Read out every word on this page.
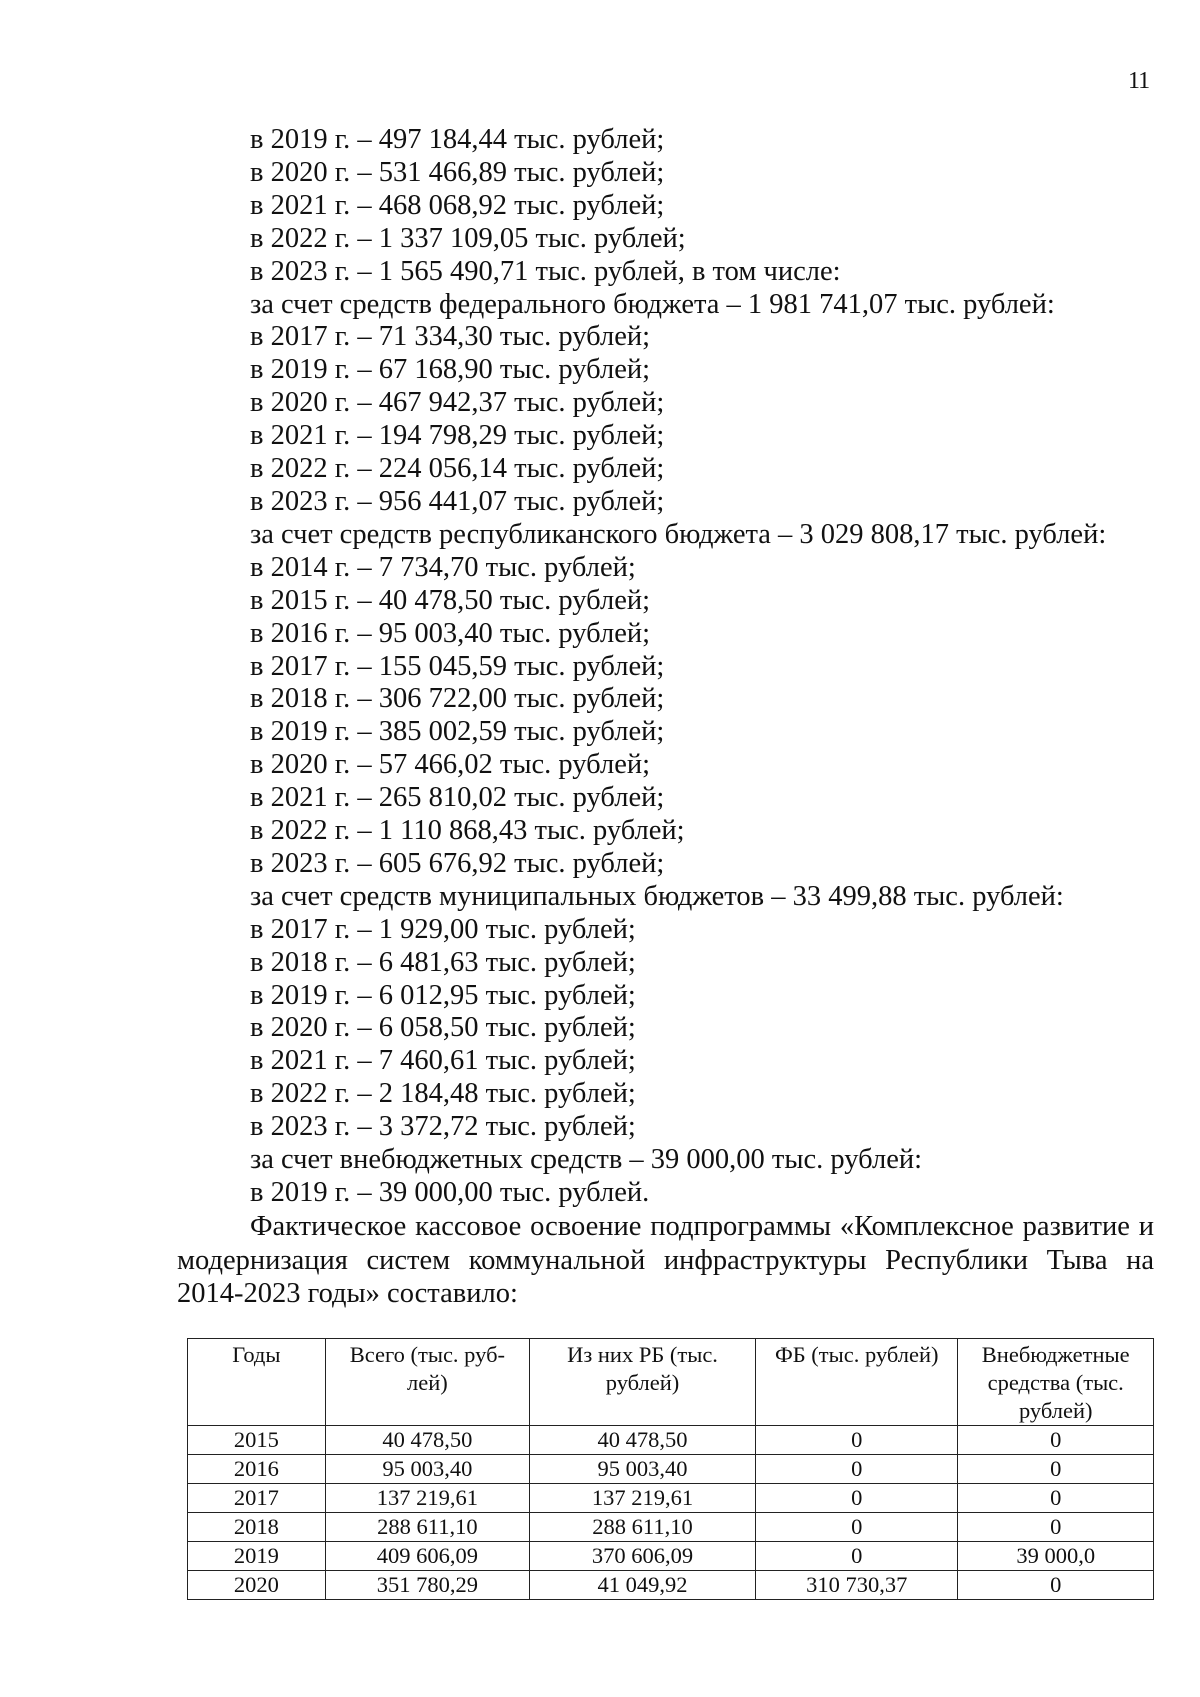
11
в 2019 г. – 497 184,44 тыс. рублей;
в 2020 г. – 531 466,89 тыс. рублей;
в 2021 г. – 468 068,92 тыс. рублей;
в 2022 г. – 1 337 109,05 тыс. рублей;
в 2023 г. – 1 565 490,71 тыс. рублей, в том числе:
за счет средств федерального бюджета – 1 981 741,07 тыс. рублей:
в 2017 г. – 71 334,30 тыс. рублей;
в 2019 г. – 67 168,90 тыс. рублей;
в 2020 г. – 467 942,37 тыс. рублей;
в 2021 г. – 194 798,29 тыс. рублей;
в 2022 г. – 224 056,14 тыс. рублей;
в 2023 г. – 956 441,07 тыс. рублей;
за счет средств республиканского бюджета – 3 029 808,17 тыс. рублей:
в 2014 г. – 7 734,70 тыс. рублей;
в 2015 г. – 40 478,50 тыс. рублей;
в 2016 г. – 95 003,40 тыс. рублей;
в 2017 г. – 155 045,59 тыс. рублей;
в 2018 г. – 306 722,00 тыс. рублей;
в 2019 г. – 385 002,59 тыс. рублей;
в 2020 г. – 57 466,02 тыс. рублей;
в 2021 г. – 265 810,02 тыс. рублей;
в 2022 г. – 1 110 868,43 тыс. рублей;
в 2023 г. – 605 676,92 тыс. рублей;
за счет средств муниципальных бюджетов – 33 499,88 тыс. рублей:
в 2017 г. – 1 929,00 тыс. рублей;
в 2018 г. – 6 481,63 тыс. рублей;
в 2019 г. – 6 012,95 тыс. рублей;
в 2020 г. – 6 058,50 тыс. рублей;
в 2021 г. – 7 460,61 тыс. рублей;
в 2022 г. – 2 184,48 тыс. рублей;
в 2023 г. – 3 372,72 тыс. рублей;
за счет внебюджетных средств – 39 000,00 тыс. рублей:
в 2019 г. – 39 000,00 тыс. рублей.

Фактическое кассовое освоение подпрограммы «Комплексное развитие и модернизация систем коммунальной инфраструктуры Республики Тыва на 2014-2023 годы» составило:

Годы	Всего (тыс. руб-лей)	Из них РБ (тыс. рублей)	ФБ (тыс. рублей)	Внебюджетные средства (тыс. рублей)
2015	40 478,50	40 478,50	0	0
2016	95 003,40	95 003,40	0	0
2017	137 219,61	137 219,61	0	0
2018	288 611,10	288 611,10	0	0
2019	409 606,09	370 606,09	0	39 000,0
2020	351 780,29	41 049,92	310 730,37	0
